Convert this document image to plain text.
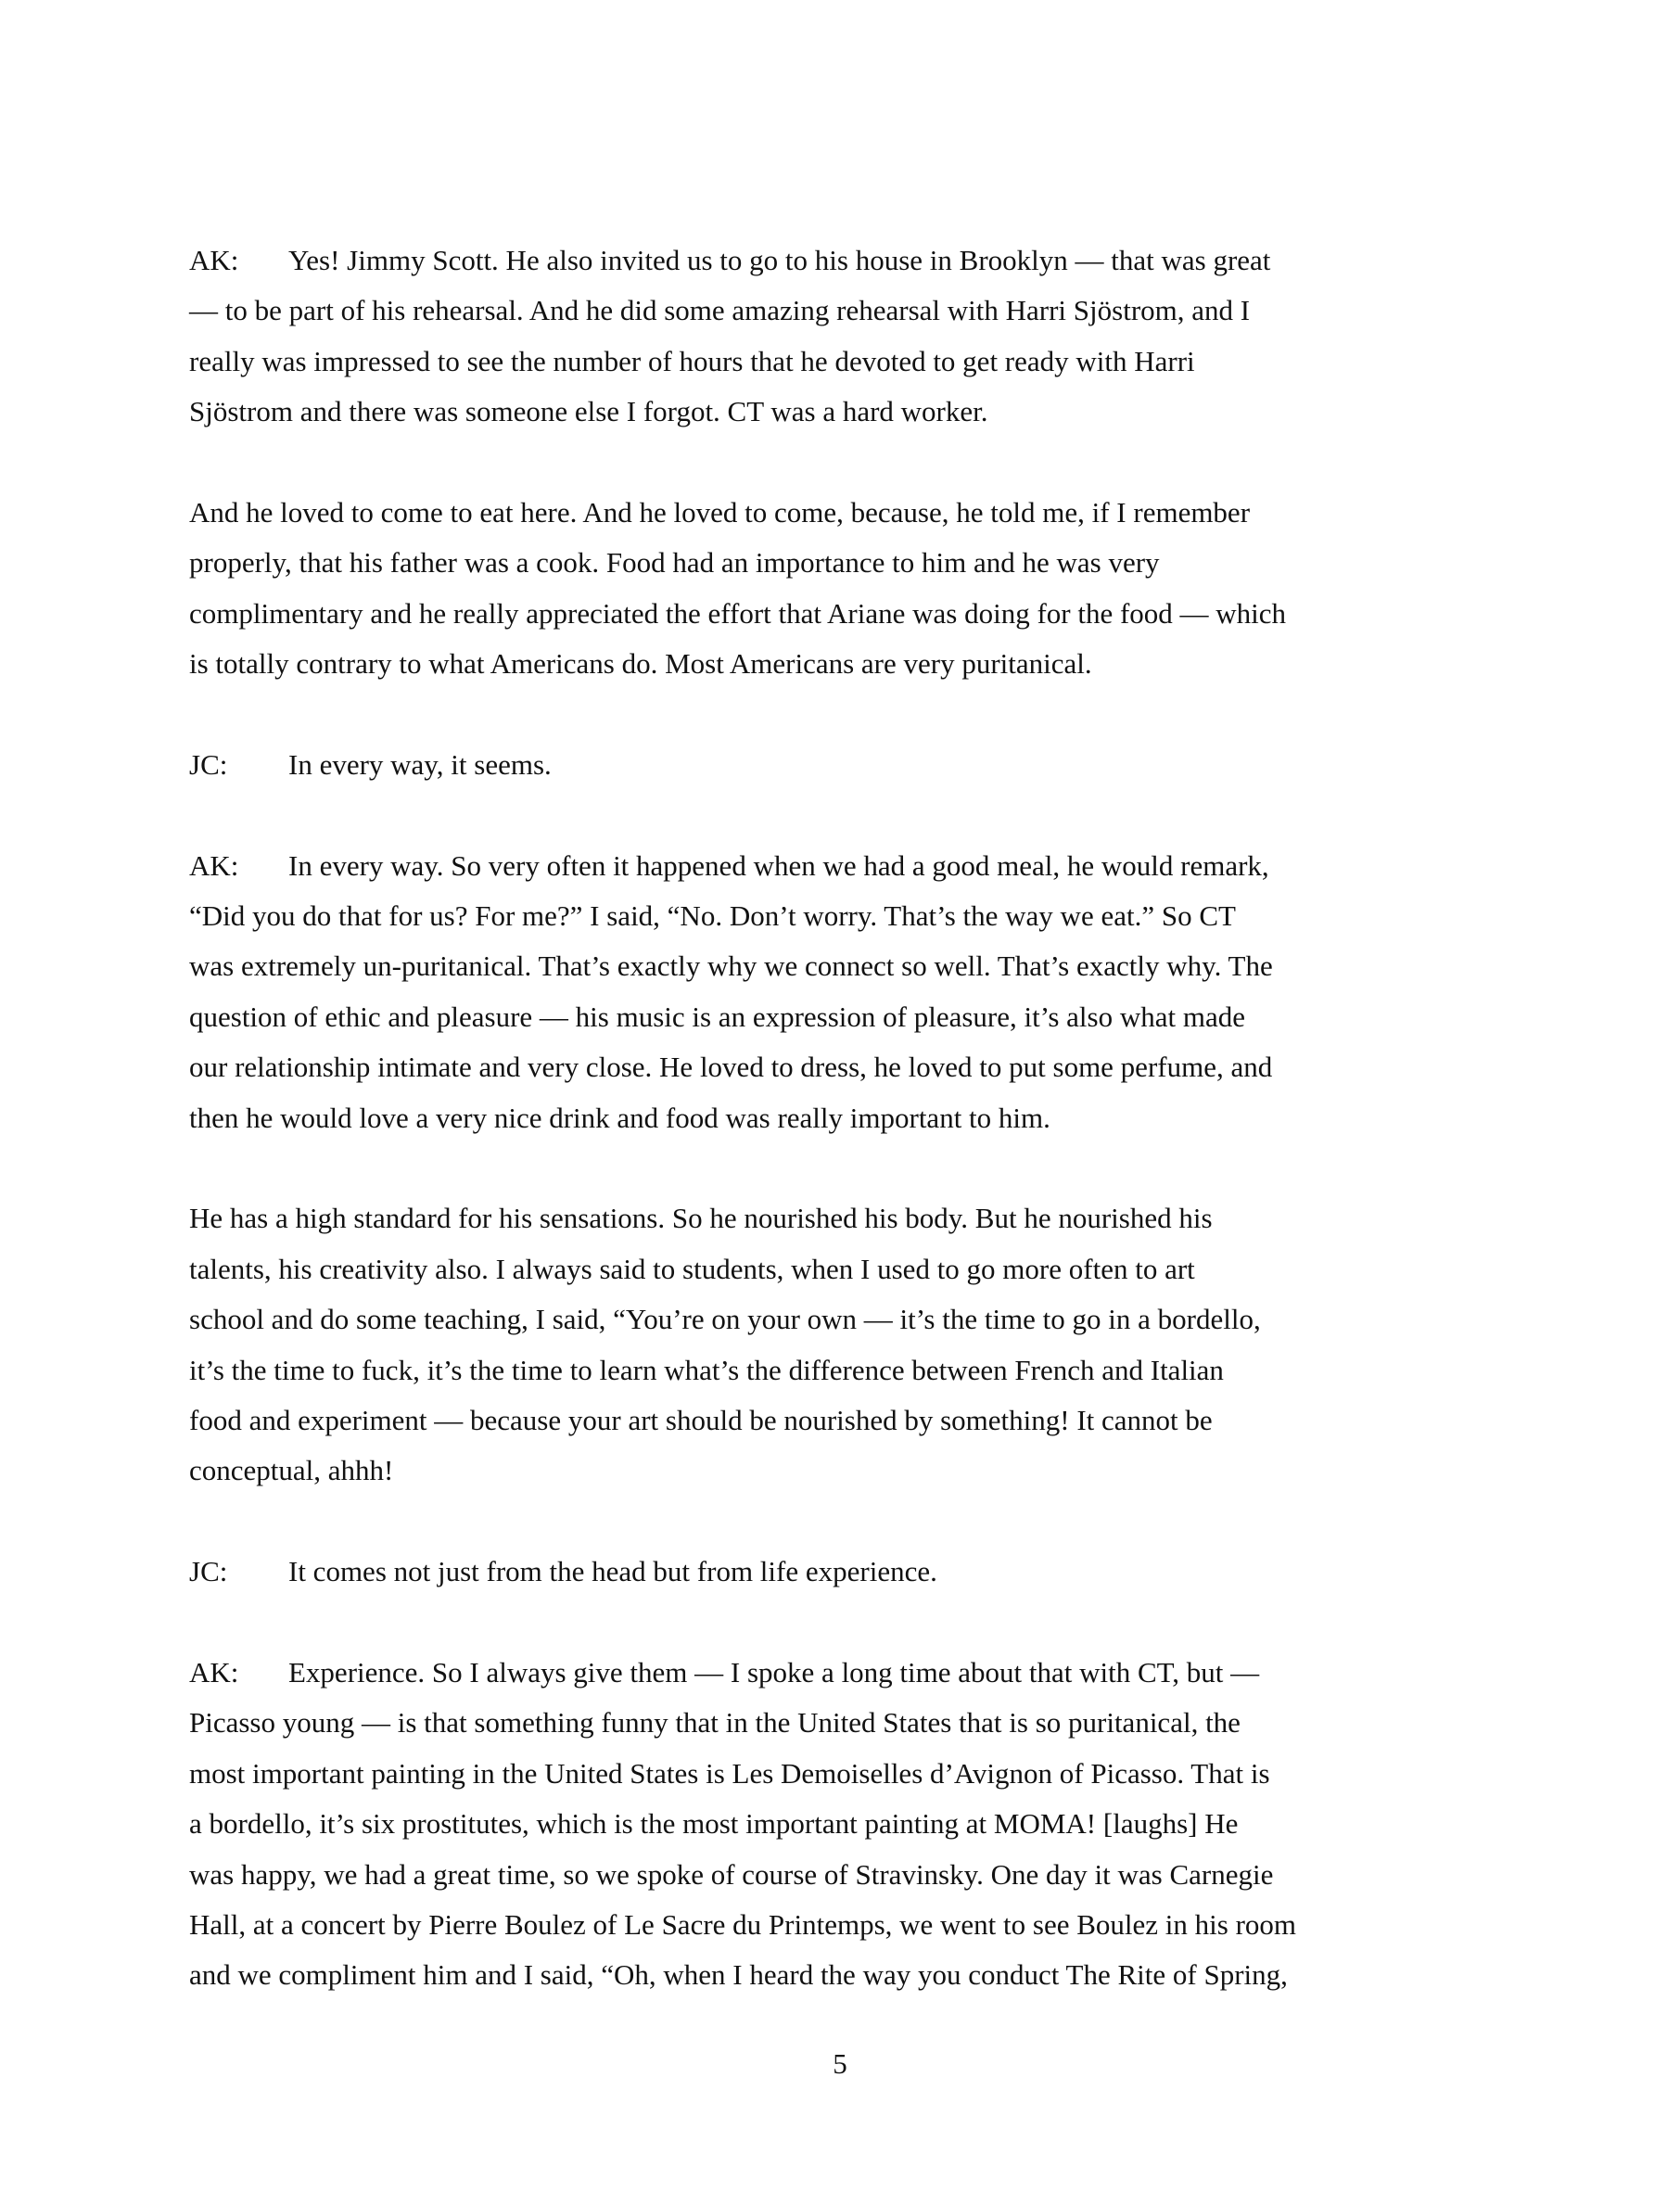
AK: Yes! Jimmy Scott. He also invited us to go to his house in Brooklyn — that was great
— to be part of his rehearsal. And he did some amazing rehearsal with Harri Sjöstrom, and I
really was impressed to see the number of hours that he devoted to get ready with Harri
Sjöstrom and there was someone else I forgot. CT was a hard worker.
And he loved to come to eat here. And he loved to come, because, he told me, if I remember
properly, that his father was a cook. Food had an importance to him and he was very
complimentary and he really appreciated the effort that Ariane was doing for the food — which
is totally contrary to what Americans do. Most Americans are very puritanical.
JC: In every way, it seems.
AK: In every way. So very often it happened when we had a good meal, he would remark,
“Did you do that for us? For me?” I said, “No. Don’t worry. That’s the way we eat.” So CT
was extremely un-puritanical. That’s exactly why we connect so well. That’s exactly why. The
question of ethic and pleasure — his music is an expression of pleasure, it’s also what made
our relationship intimate and very close. He loved to dress, he loved to put some perfume, and
then he would love a very nice drink and food was really important to him.
He has a high standard for his sensations. So he nourished his body. But he nourished his
talents, his creativity also. I always said to students, when I used to go more often to art
school and do some teaching, I said, “You’re on your own — it’s the time to go in a bordello,
it’s the time to fuck, it’s the time to learn what’s the difference between French and Italian
food and experiment — because your art should be nourished by something! It cannot be
conceptual, ahhh!
JC: It comes not just from the head but from life experience.
AK: Experience. So I always give them — I spoke a long time about that with CT, but —
Picasso young — is that something funny that in the United States that is so puritanical, the
most important painting in the United States is Les Demoiselles d’Avignon of Picasso. That is
a bordello, it’s six prostitutes, which is the most important painting at MOMA! [laughs] He
was happy, we had a great time, so we spoke of course of Stravinsky. One day it was Carnegie
Hall, at a concert by Pierre Boulez of Le Sacre du Printemps, we went to see Boulez in his room
and we compliment him and I said, “Oh, when I heard the way you conduct The Rite of Spring,
5
